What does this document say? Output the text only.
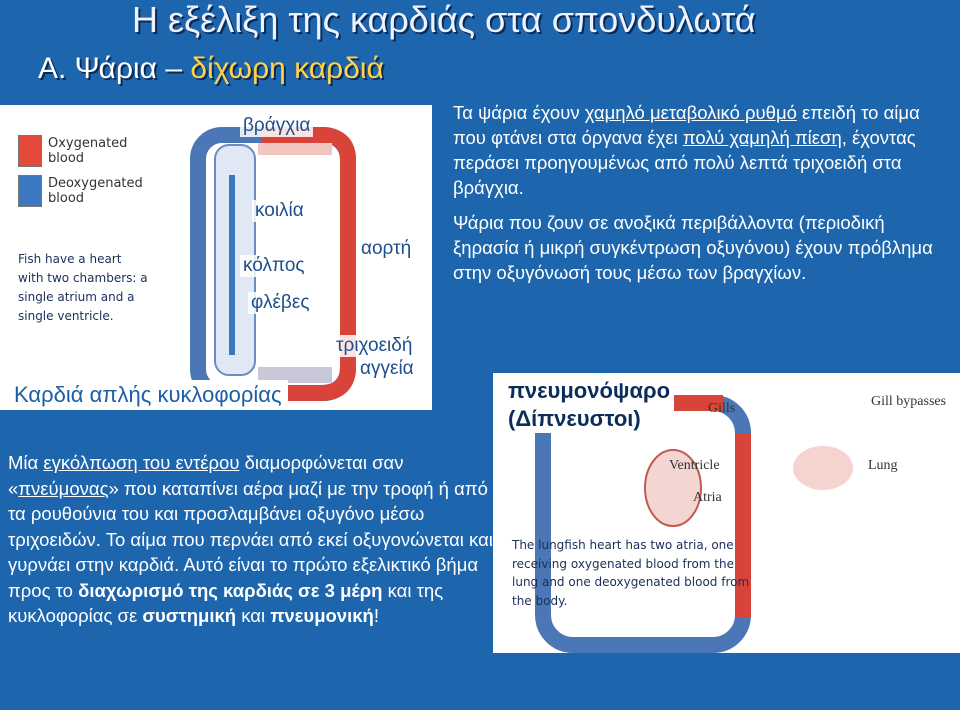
Η εξέλιξη της καρδιάς στα σπονδυλωτά
Α. Ψάρια – δίχωρη καρδιά
Oxygenated blood
Deoxygenated blood
Fish have a heart with two chambers: a single atrium and a single ventricle.
βράγχια
κοιλία
κόλπος
αορτή
φλέβες
τριχοειδή
αγγεία
Καρδιά απλής κυκλοφορίας

Τα ψάρια έχουν χαμηλό μεταβολικό ρυθμό επειδή το αίμα που φτάνει στα όργανα έχει πολύ χαμηλή πίεση, έχοντας περάσει προηγουμένως από πολύ λεπτά τριχοειδή στα βράγχια.

Ψάρια που ζουν σε ανοξικά περιβάλλοντα (περιοδική ξηρασία ή μικρή συγκέντρωση οξυγόνου) έχουν πρόβλημα στην οξυγόνωσή τους μέσω των βραγχίων.

Gills	Gill bypasses
Ventricle	Lung
Atria
πνευμονόψαρο
(Δίπνευστοι)
The lungfish heart has two atria, one receiving oxygenated blood from the lung and one deoxygenated blood from the body.
Μία εγκόλπωση του εντέρου διαμορφώνεται σαν «πνεύμονας» που καταπίνει αέρα μαζί με την τροφή ή από τα ρουθούνια του και προσλαμβάνει οξυγόνο μέσω τριχοειδών. Το αίμα που περνάει από εκεί οξυγονώνεται και γυρνάει στην καρδιά. Αυτό είναι το πρώτο εξελικτικό βήμα προς το διαχωρισμό της καρδιάς σε 3 μέρη και της κυκλοφορίας σε συστημική και πνευμονική!
